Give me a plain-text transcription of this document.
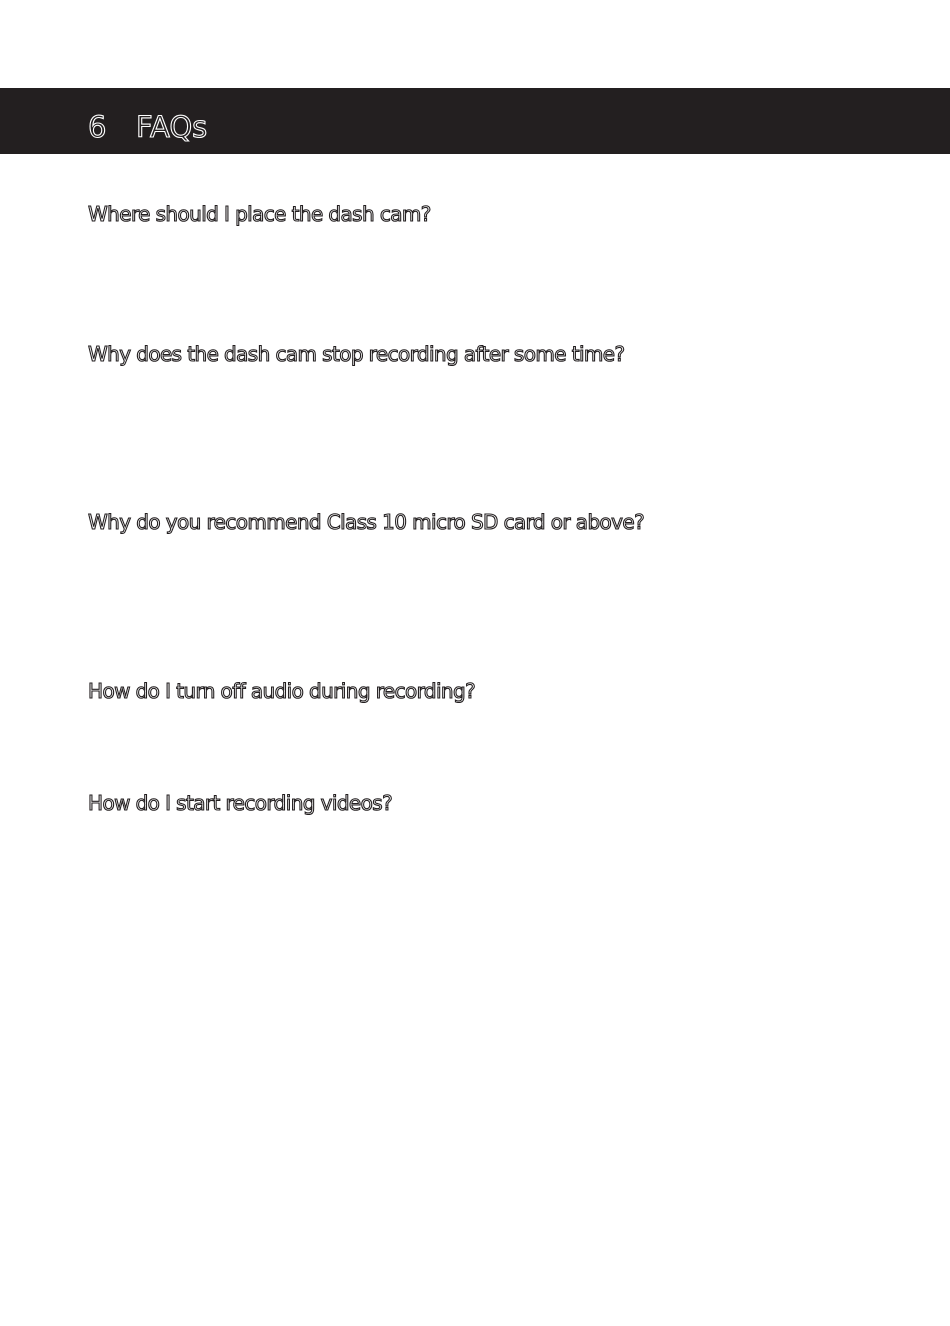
6 FAQs
Where should I place the dash cam?
Why does the dash cam stop recording after some time?
Why do you recommend Class 10 micro SD card or above?
How do I turn off audio during recording?
How do I start recording videos?
